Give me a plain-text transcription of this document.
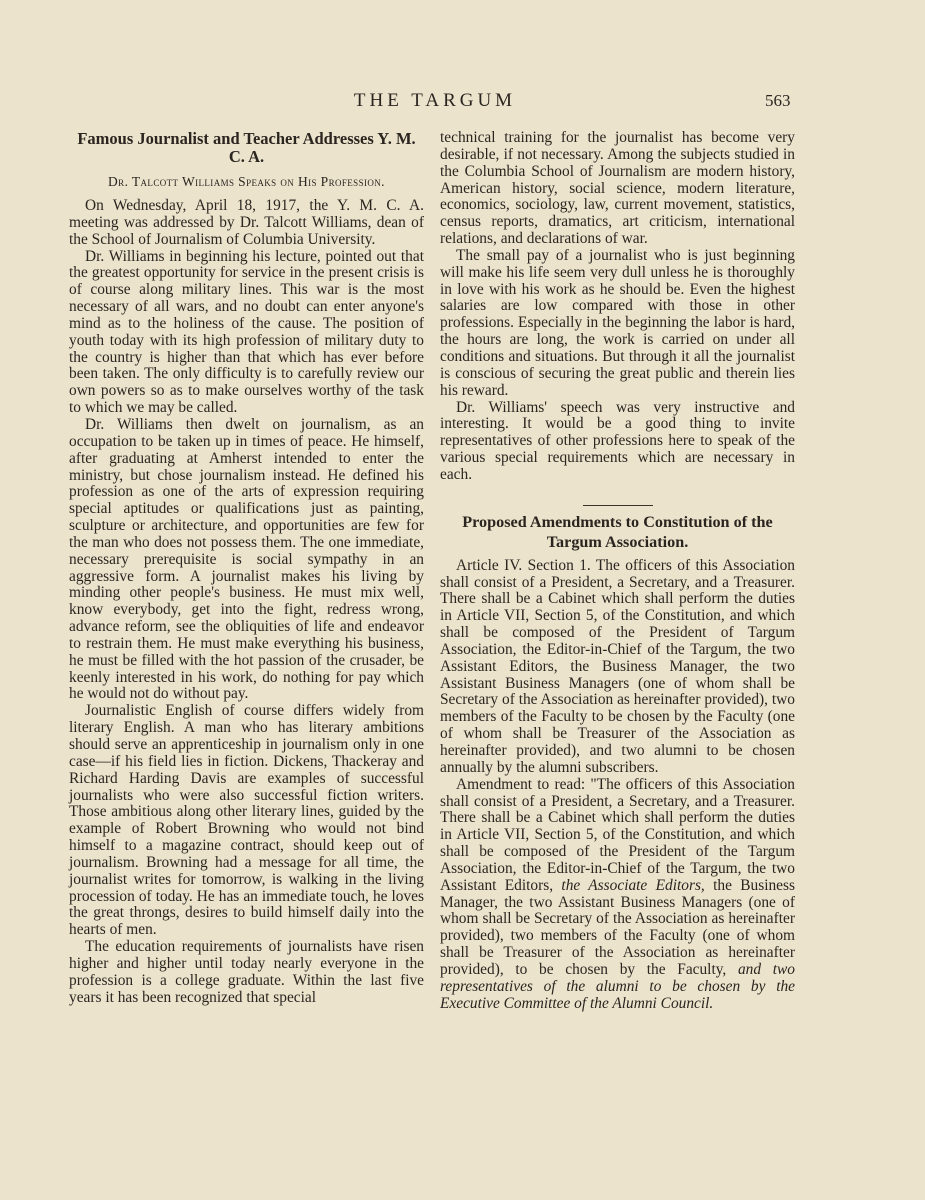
THE TARGUM	563
Famous Journalist and Teacher Addresses Y. M. C. A.
Dr. Talcott Williams Speaks on His Profession.

On Wednesday, April 18, 1917, the Y. M. C. A. meeting was addressed by Dr. Talcott Williams, dean of the School of Journalism of Columbia University.

Dr. Williams in beginning his lecture, pointed out that the greatest opportunity for service in the present crisis is of course along military lines. This war is the most necessary of all wars, and no doubt can enter anyone's mind as to the holiness of the cause. The position of youth today with its high profession of military duty to the country is higher than that which has ever before been taken. The only difficulty is to carefully review our own powers so as to make ourselves worthy of the task to which we may be called.

Dr. Williams then dwelt on journalism, as an occupation to be taken up in times of peace. He himself, after graduating at Amherst intended to enter the ministry, but chose journalism instead. He defined his profession as one of the arts of expression requiring special aptitudes or qualifications just as painting, sculpture or architecture, and opportunities are few for the man who does not possess them. The one immediate, necessary prerequisite is social sympathy in an aggressive form. A journalist makes his living by minding other people's business. He must mix well, know everybody, get into the fight, redress wrong, advance reform, see the obliquities of life and endeavor to restrain them. He must make everything his business, he must be filled with the hot passion of the crusader, be keenly interested in his work, do nothing for pay which he would not do without pay.

Journalistic English of course differs widely from literary English. A man who has literary ambitions should serve an apprenticeship in journalism only in one case—if his field lies in fiction. Dickens, Thackeray and Richard Harding Davis are examples of successful journalists who were also successful fiction writers. Those ambitious along other literary lines, guided by the example of Robert Browning who would not bind himself to a magazine contract, should keep out of journalism. Browning had a message for all time, the journalist writes for tomorrow, is walking in the living procession of today. He has an immediate touch, he loves the great throngs, desires to build himself daily into the hearts of men.

The education requirements of journalists have risen higher and higher until today nearly everyone in the profession is a college graduate. Within the last five years it has been recognized that special

technical training for the journalist has become very desirable, if not necessary. Among the subjects studied in the Columbia School of Journalism are modern history, American history, social science, modern literature, economics, sociology, law, current movement, statistics, census reports, dramatics, art criticism, international relations, and declarations of war.

The small pay of a journalist who is just beginning will make his life seem very dull unless he is thoroughly in love with his work as he should be. Even the highest salaries are low compared with those in other professions. Especially in the beginning the labor is hard, the hours are long, the work is carried on under all conditions and situations. But through it all the journalist is conscious of securing the great public and therein lies his reward.

Dr. Williams' speech was very instructive and interesting. It would be a good thing to invite representatives of other professions here to speak of the various special requirements which are necessary in each.

Proposed Amendments to Constitution of the Targum Association.

Article IV. Section 1. The officers of this Association shall consist of a President, a Secretary, and a Treasurer. There shall be a Cabinet which shall perform the duties in Article VII, Section 5, of the Constitution, and which shall be composed of the President of Targum Association, the Editor-in-Chief of the Targum, the two Assistant Editors, the Business Manager, the two Assistant Business Managers (one of whom shall be Secretary of the Association as hereinafter provided), two members of the Faculty to be chosen by the Faculty (one of whom shall be Treasurer of the Association as hereinafter provided), and two alumni to be chosen annually by the alumni subscribers.

Amendment to read: "The officers of this Association shall consist of a President, a Secretary, and a Treasurer. There shall be a Cabinet which shall perform the duties in Article VII, Section 5, of the Constitution, and which shall be composed of the President of the Targum Association, the Editor-in-Chief of the Targum, the two Assistant Editors, the Associate Editors, the Business Manager, the two Assistant Business Managers (one of whom shall be Secretary of the Association as hereinafter provided), two members of the Faculty (one of whom shall be Treasurer of the Association as hereinafter provided), to be chosen by the Faculty, and two representatives of the alumni to be chosen by the Executive Committee of the Alumni Council.
